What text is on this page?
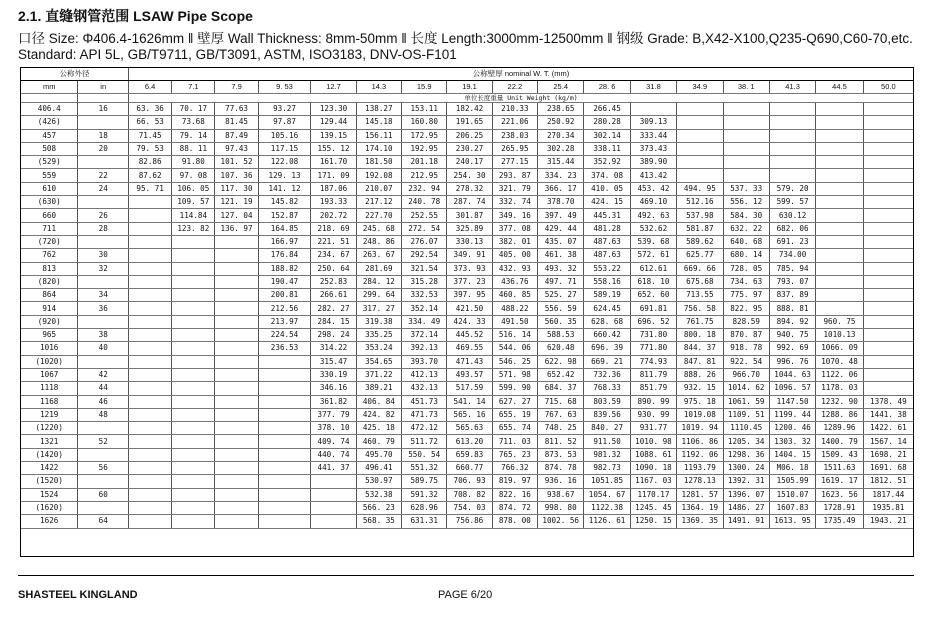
2.1. 直缝钢管范围 LSAW Pipe Scope
口径 Size: Φ406.4-1626mm ‖ 壁厚 Wall Thickness: 8mm-50mm ‖ 长度 Length:3000mm-12500mm ‖ 钢级 Grade: B,X42-X100,Q235-Q690,C60-70,etc.
Standard: API 5L, GB/T9711, GB/T3091, ASTM, ISO3183, DNV-OS-F101
公称外径		公称壁厚 nominal W. T. (mm)																
mm	in	6.4	7.1	7.9	9. 53	12.7	14.3	15.9	19.1	22.2	25.4	28. 6	31.8	34.9	38. 1	41.3	44.5	50.0
		单位长度重量 Unit Weight (kg/m)																
406.4	16	63. 36	70. 17	77.63	93.27	123.30	138.27	153.11	182.42	210.33	238.65	266.45						
(426)		66. 53	73.68	81.45	97.87	129.44	145.18	160.80	191.65	221.06	250.92	280.28	309.13					
457	18	71.45	79. 14	87.49	105.16	139.15	156.11	172.95	206.25	238.03	270.34	302.14	333.44					
508	20	79. 53	88. 11	97.43	117.15	155. 12	174.10	192.95	230.27	265.95	302.28	338.11	373.43					
(529)		82.86	91.80	101. 52	122.08	161.70	181.50	201.18	240.17	277.15	315.44	352.92	389.90					
559	22	87.62	97. 08	107. 36	129. 13	171. 09	192.08	212.95	254. 30	293. 87	334. 23	374. 08	413.42					
610	24	95. 71	106. 05	117. 30	141. 12	187.06	210.07	232. 94	278.32	321. 79	366. 17	410. 05	453. 42	494. 95	537. 33	579. 20		
(630)			109. 57	121. 19	145.82	193.33	217.12	240. 78	287. 74	332. 74	378.70	424. 15	469.10	512.16	556. 12	599. 57		
660	26		114.84	127. 04	152.87	202.72	227.70	252.55	301.87	349. 16	397. 49	445.31	492. 63	537.98	584. 30	630.12		
711	28		123. 82	136. 97	164.85	218. 69	245. 68	272. 54	325.89	377. 08	429. 44	481.28	532.62	581.87	632. 22	682. 06		
(720)					166.97	221. 51	248. 86	276.07	330.13	382. 01	435. 07	487.63	539. 68	589.62	640. 68	691. 23		
762	30				176.84	234. 67	263. 67	292.54	349. 91	405. 00	461. 38	487.63	572. 61	625.77	680. 14	734.00		
813	32				188.82	250. 64	281.69	321.54	373. 93	432. 93	493. 32	553.22	612.61	669. 66	728. 05	785. 94		
(820)					190.47	252.83	284. 12	315.28	377. 23	436.76	497. 71	558.16	618. 10	675.68	734. 63	793. 07		
864	34				200.81	266.61	299. 64	332.53	397. 95	460. 85	525. 27	589.19	652. 60	713.55	775. 97	837. 89		
914	36				212.56	282. 27	317. 27	352.14	421.50	488.22	556. 59	624.45	691.81	756. 58	822. 95	888. 81		
(920)					213.97	284. 15	319.38	334. 49	424. 33	491.50	560. 35	628. 68	696. 52	761.75	828.59	894. 92	960. 75	
965	38				224.54	298. 24	335.25	372.14	445.52	516. 14	588.53	660.42	731.80	800. 18	870. 87	940. 75	1010.13	
1016	40				236.53	314.22	353.24	392.13	469.55	544. 06	620.48	696. 39	771.80	844. 37	918. 78	992. 69	1066. 09	
(1020)						315.47	354.65	393.70	471.43	546. 25	622. 98	669. 21	774.93	847. 81	922. 54	996. 76	1070. 48	
1067	42					330.19	371.22	412.13	493.57	571. 98	652.42	732.36	811.79	888. 26	966.70	1044. 63	1122. 06	
1118	44					346.16	389.21	432.13	517.59	599. 90	684. 37	768.33	851.79	932. 15	1014. 62	1096. 57	1178. 03	
1168	46					361.82	406. 84	451.73	541. 14	627. 27	715. 68	803.59	890. 99	975. 18	1061. 59	1147.50	1232. 90	1378. 49
1219	48					377. 79	424. 82	471.73	565. 16	655. 19	767. 63	839.56	930. 99	1019.08	1109. 51	1199. 44	1288. 86	1441. 38
(1220)						378. 10	425. 18	472.12	565.63	655. 74	748. 25	840. 27	931.77	1019. 94	1110.45	1200. 46	1289.96	1422. 61
1321	52					409. 74	460. 79	511.72	613.20	711. 03	811. 52	911.50	1010. 98	1106. 86	1205. 34	1303. 32	1400. 79	1567. 14
(1420)						440. 74	495.70	550. 54	659.83	765. 23	873. 53	981.32	1088. 61	1192. 06	1298. 36	1404. 15	1509. 43	1698. 21
1422	56					441. 37	496.41	551.32	660.77	766.32	874. 78	982.73	1090. 18	1193.79	1300. 24	M06. 18	1511.63	1691. 68
(1520)							530.97	589.75	706. 93	819. 97	936. 16	1051.85	1167. 03	1278.13	1392. 31	1505.99	1619. 17	1812. 51
1524	60						532.38	591.32	708. 82	822. 16	938.67	1054. 67	1170.17	1281. 57	1396. 07	1510.07	1623. 56	1817.44
(1620)							566. 23	628.96	754. 03	874. 72	998. 80	1122.38	1245. 45	1364. 19	1486. 27	1607.83	1728.91	1935.81
1626	64						568. 35	631.31	756.86	878. 00	1002. 56	1126. 61	1250. 15	1369. 35	1491. 91	1613. 95	1735.49	1943. 21
SHASTEEL KINGLAND	PAGE 6/20
